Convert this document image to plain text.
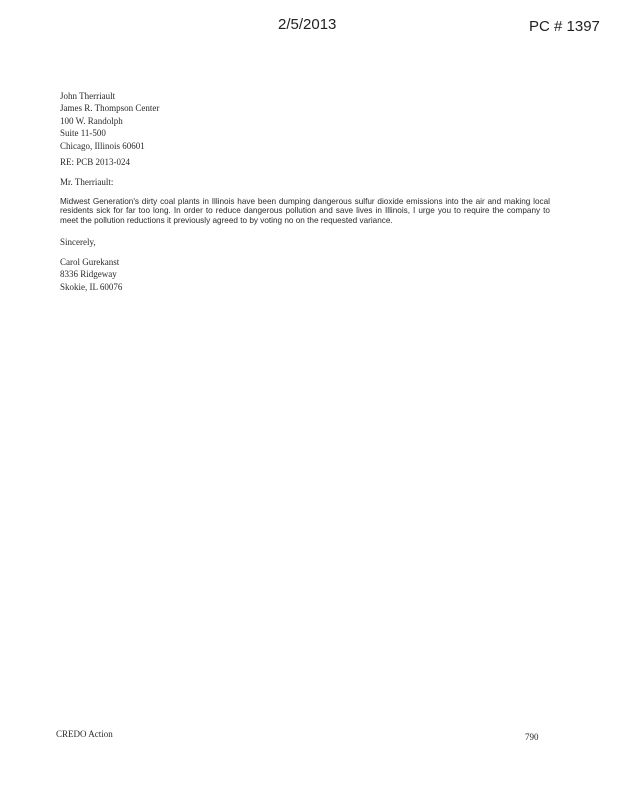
2/5/2013	PC # 1397
John Therriault
James R. Thompson Center
100 W. Randolph
Suite 11-500
Chicago, Illinois 60601
RE: PCB 2013-024
Mr. Therriault:
Midwest Generation's dirty coal plants in Illinois have been dumping dangerous sulfur dioxide emissions into the air and making local residents sick for far too long. In order to reduce dangerous pollution and save lives in Illinois, I urge you to require the company to meet the pollution reductions it previously agreed to by voting no on the requested variance.
Sincerely,
Carol Gurekanst
8336 Ridgeway
Skokie, IL 60076
CREDO Action	790
